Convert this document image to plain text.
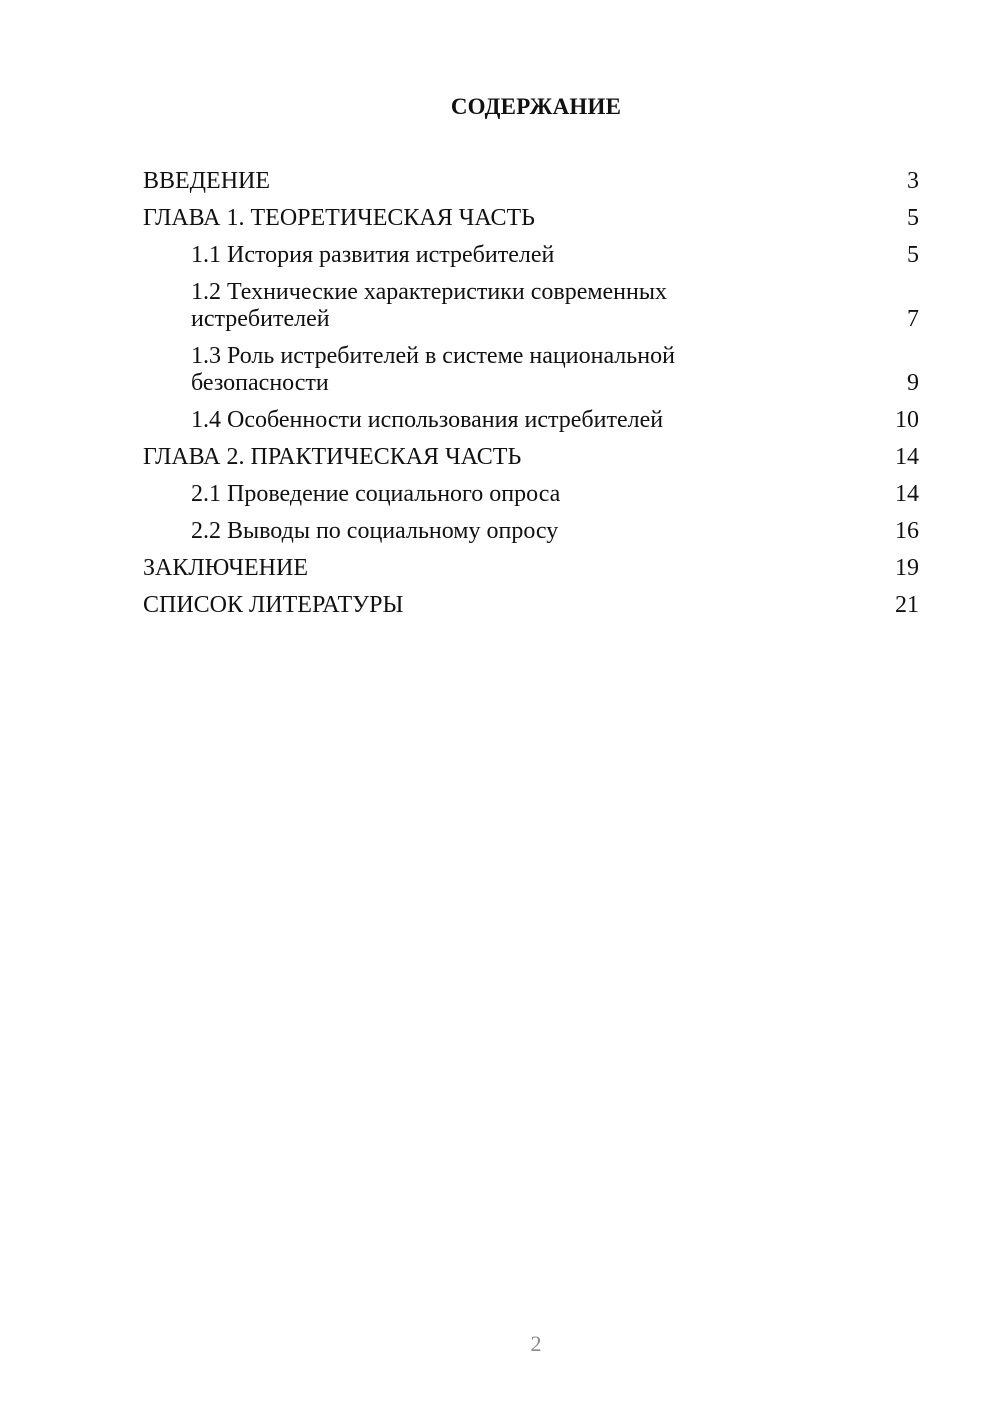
СОДЕРЖАНИЕ
ВВЕДЕНИЕ	3
ГЛАВА 1. ТЕОРЕТИЧЕСКАЯ ЧАСТЬ	5
1.1 История развития истребителей	5
1.2 Технические характеристики современных истребителей	7
1.3 Роль истребителей в системе национальной безопасности	9
1.4 Особенности использования истребителей	10
ГЛАВА 2. ПРАКТИЧЕСКАЯ ЧАСТЬ	14
2.1 Проведение социального опроса	14
2.2 Выводы по социальному опросу	16
ЗАКЛЮЧЕНИЕ	19
СПИСОК ЛИТЕРАТУРЫ	21
2
